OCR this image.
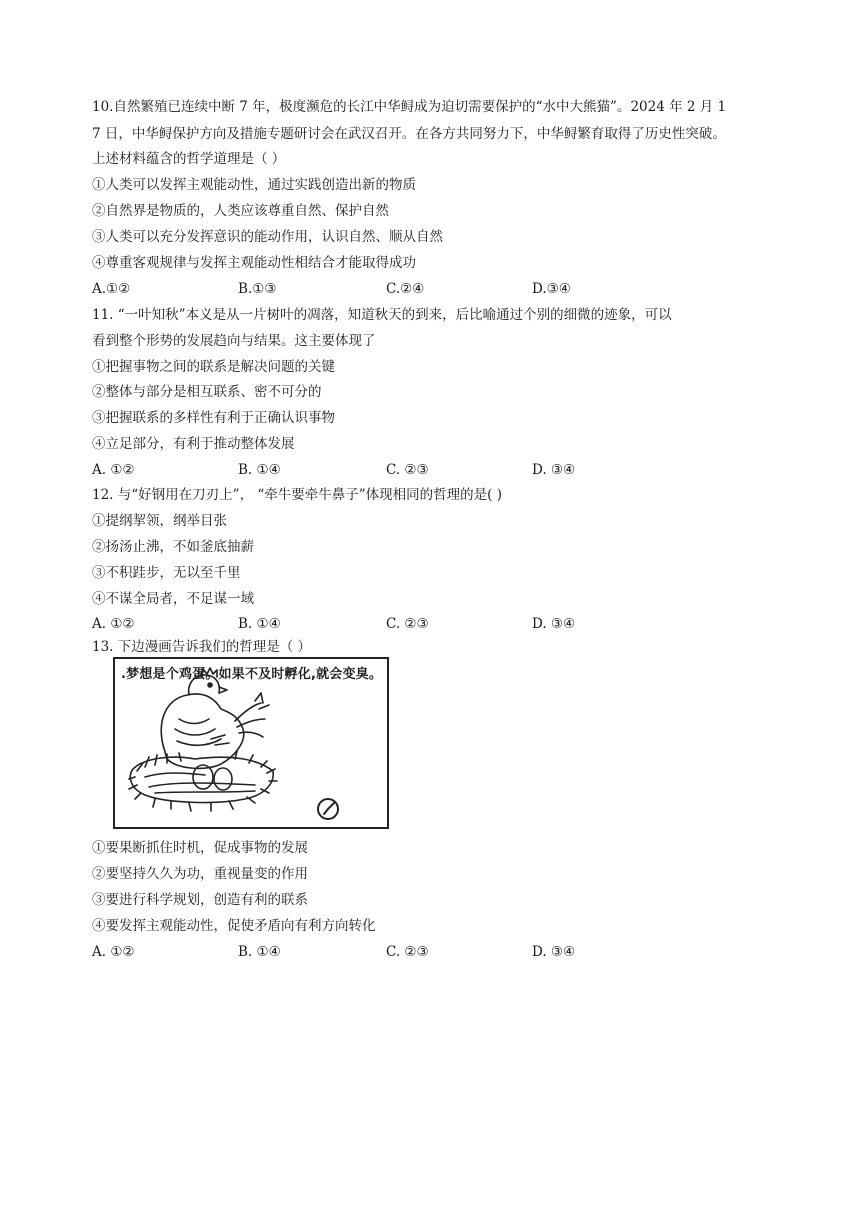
10.自然繁殖已连续中断 7 年，极度濒危的长江中华鲟成为迫切需要保护的“水中大熊猫”。2024 年 2 月 1
7 日，中华鲟保护方向及措施专题研讨会在武汉召开。在各方共同努力下，中华鲟繁育取得了历史性突破。
上述材料蕴含的哲学道理是（ ）
①人类可以发挥主观能动性，通过实践创造出新的物质
②自然界是物质的，人类应该尊重自然、保护自然
③人类可以充分发挥意识的能动作用，认识自然、顺从自然
④尊重客观规律与发挥主观能动性相结合才能取得成功
A.①②	B.①③	C.②④	D.③④
11. “一叶知秋”本义是从一片树叶的凋落，知道秋天的到来，后比喻通过个别的细微的迹象，可以
看到整个形势的发展趋向与结果。这主要体现了
①把握事物之间的联系是解决问题的关键
②整体与部分是相互联系、密不可分的
③把握联系的多样性有利于正确认识事物
④立足部分，有利于推动整体发展
A. ①②	B. ①④	C. ②③	D. ③④
12. 与“好钢用在刀刃上”， “牵牛要牵牛鼻子”体现相同的哲理的是( )
①提纲挈领，纲举目张
②扬汤止沸，不如釜底抽薪
③不积跬步，无以至千里
④不谋全局者，不足谋一域
A. ①②	B. ①④	C. ②③	D. ③④
13. 下边漫画告诉我们的哲理是（ ）
.梦想是个鸡蛋。如果不及时孵化,就会变臭。
①要果断抓住时机，促成事物的发展
②要坚持久久为功，重视量变的作用
③要进行科学规划，创造有利的联系
④要发挥主观能动性，促使矛盾向有利方向转化
A. ①②	B. ①④	C. ②③	D. ③④
